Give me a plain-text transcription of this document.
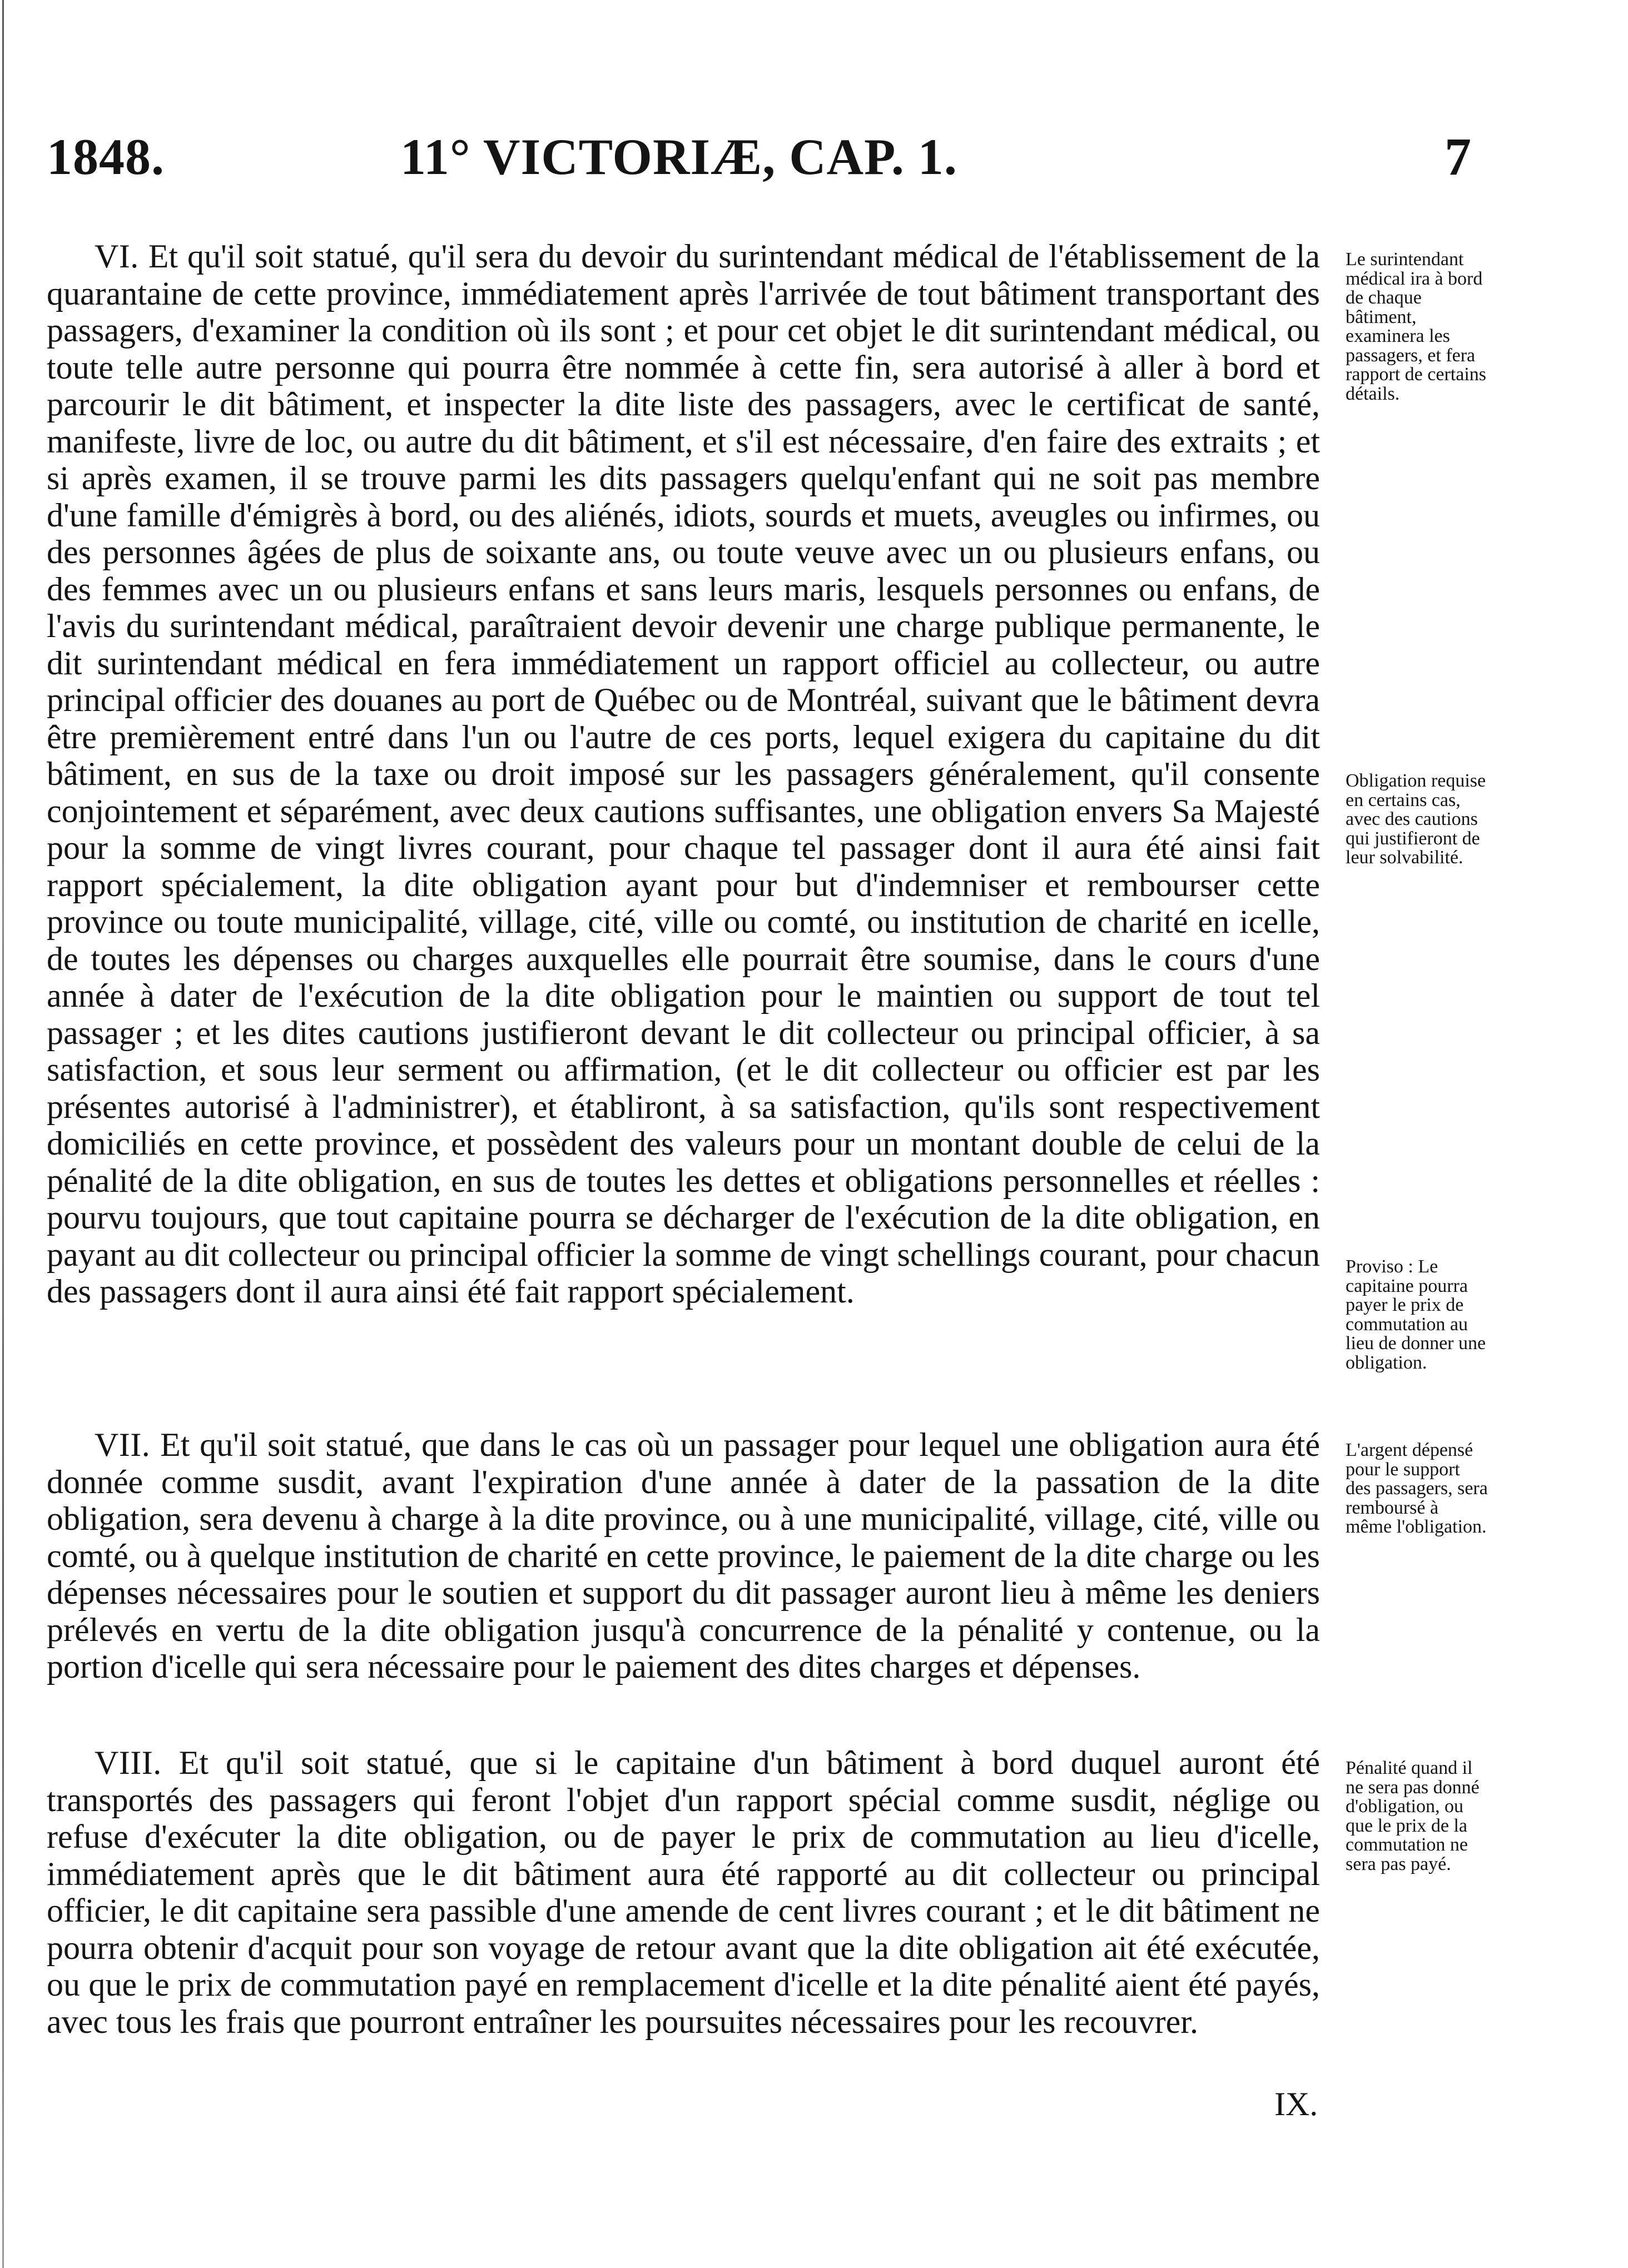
1848.	11° VICTORIÆ, CAP. 1.	7
VI. Et qu'il soit statué, qu'il sera du devoir du surintendant médical de l'établissement de la quarantaine de cette province, immédiatement après l'arrivée de tout bâtiment transportant des passagers, d'examiner la condition où ils sont ; et pour cet objet le dit surintendant médical, ou toute telle autre personne qui pourra être nommée à cette fin, sera autorisé à aller à bord et parcourir le dit bâtiment, et inspecter la dite liste des passagers, avec le certificat de santé, manifeste, livre de loc, ou autre du dit bâtiment, et s'il est nécessaire, d'en faire des extraits ; et si après examen, il se trouve parmi les dits passagers quelqu'enfant qui ne soit pas membre d'une famille d'émigrès à bord, ou des aliénés, idiots, sourds et muets, aveugles ou infirmes, ou des personnes âgées de plus de soixante ans, ou toute veuve avec un ou plusieurs enfans, ou des femmes avec un ou plusieurs enfans et sans leurs maris, lesquels personnes ou enfans, de l'avis du surintendant médical, paraîtraient devoir devenir une charge publique permanente, le dit surintendant médical en fera immédiatement un rapport officiel au collecteur, ou autre principal officier des douanes au port de Québec ou de Montréal, suivant que le bâtiment devra être premièrement entré dans l'un ou l'autre de ces ports, lequel exigera du capitaine du dit bâtiment, en sus de la taxe ou droit imposé sur les passagers généralement, qu'il consente conjointement et séparément, avec deux cautions suffisantes, une obligation envers Sa Majesté pour la somme de vingt livres courant, pour chaque tel passager dont il aura été ainsi fait rapport spécialement, la dite obligation ayant pour but d'indemniser et rembourser cette province ou toute municipalité, village, cité, ville ou comté, ou institution de charité en icelle, de toutes les dépenses ou charges auxquelles elle pourrait être soumise, dans le cours d'une année à dater de l'exécution de la dite obligation pour le maintien ou support de tout tel passager ; et les dites cautions justifieront devant le dit collecteur ou principal officier, à sa satisfaction, et sous leur serment ou affirmation, (et le dit collecteur ou officier est par les présentes autorisé à l'administrer), et établiront, à sa satisfaction, qu'ils sont respectivement domiciliés en cette province, et possèdent des valeurs pour un montant double de celui de la pénalité de la dite obligation, en sus de toutes les dettes et obligations personnelles et réelles : pourvu toujours, que tout capitaine pourra se décharger de l'exécution de la dite obligation, en payant au dit collecteur ou principal officier la somme de vingt schellings courant, pour chacun des passagers dont il aura ainsi été fait rapport spécialement.
VII. Et qu'il soit statué, que dans le cas où un passager pour lequel une obligation aura été donnée comme susdit, avant l'expiration d'une année à dater de la passation de la dite obligation, sera devenu à charge à la dite province, ou à une municipalité, village, cité, ville ou comté, ou à quelque institution de charité en cette province, le paiement de la dite charge ou les dépenses nécessaires pour le soutien et support du dit passager auront lieu à même les deniers prélevés en vertu de la dite obligation jusqu'à concurrence de la pénalité y contenue, ou la portion d'icelle qui sera nécessaire pour le paiement des dites charges et dépenses.
VIII. Et qu'il soit statué, que si le capitaine d'un bâtiment à bord duquel auront été transportés des passagers qui feront l'objet d'un rapport spécial comme susdit, néglige ou refuse d'exécuter la dite obligation, ou de payer le prix de commutation au lieu d'icelle, immédiatement après que le dit bâtiment aura été rapporté au dit collecteur ou principal officier, le dit capitaine sera passible d'une amende de cent livres courant ; et le dit bâtiment ne pourra obtenir d'acquit pour son voyage de retour avant que la dite obligation ait été exécutée, ou que le prix de commutation payé en remplacement d'icelle et la dite pénalité aient été payés, avec tous les frais que pourront entraîner les poursuites nécessaires pour les recouvrer.
Le surintendant médical ira à bord de chaque bâtiment, examinera les passagers, et fera rapport de certains détails.
Obligation requise en certains cas, avec des cautions qui justifieront de leur solvabilité.
Proviso : Le capitaine pourra payer le prix de commutation au lieu de donner une obligation.
L'argent dépensé pour le support des passagers, sera remboursé à même l'obligation.
Pénalité quand il ne sera pas donné d'obligation, ou que le prix de la commutation ne sera pas payé.
IX.
